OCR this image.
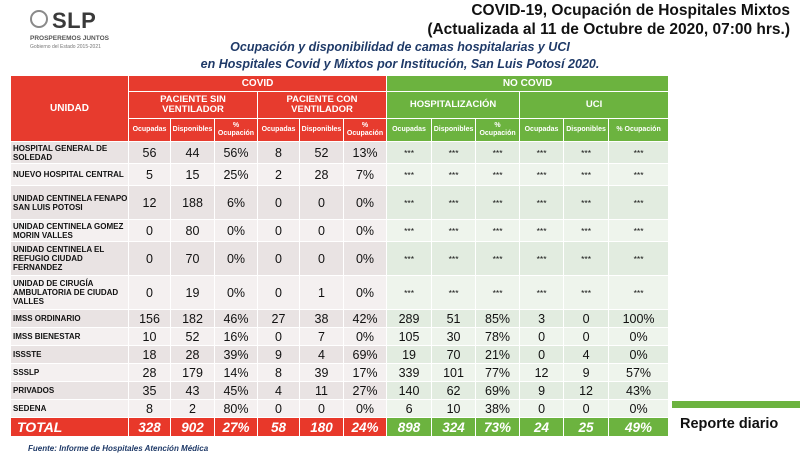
SLP
PROSPEREMOS JUNTOS
Gobierno del Estado 2015-2021
COVID-19, Ocupación de Hospitales Mixtos
(Actualizada al 11 de Octubre de 2020, 07:00 hrs.)
Ocupación y disponibilidad de camas hospitalarias y UCI
en Hospitales Covid y Mixtos por Institución, San Luis Potosí 2020.
UNIDAD	COVID						NO COVID					
	PACIENTE SIN VENTILADOR			PACIENTE CON VENTILADOR			HOSPITALIZACIÓN			UCI		
	Ocupadas	Disponibles	% Ocupación	Ocupadas	Disponibles	% Ocupación	Ocupadas	Disponibles	% Ocupación	Ocupadas	Disponibles	% Ocupación
HOSPITAL GENERAL DE SOLEDAD	56	44	56%	8	52	13%	***	***	***	***	***	***
NUEVO HOSPITAL CENTRAL	5	15	25%	2	28	7%	***	***	***	***	***	***
UNIDAD CENTINELA FENAPO SAN LUIS POTOSI	12	188	6%	0	0	0%	***	***	***	***	***	***
UNIDAD CENTINELA GOMEZ MORIN VALLES	0	80	0%	0	0	0%	***	***	***	***	***	***
UNIDAD CENTINELA EL REFUGIO CIUDAD FERNANDEZ	0	70	0%	0	0	0%	***	***	***	***	***	***
UNIDAD DE CIRUGÍA AMBULATORIA DE CIUDAD VALLES	0	19	0%	0	1	0%	***	***	***	***	***	***
IMSS ORDINARIO	156	182	46%	27	38	42%	289	51	85%	3	0	100%
IMSS BIENESTAR	10	52	16%	0	7	0%	105	30	78%	0	0	0%
ISSSTE	18	28	39%	9	4	69%	19	70	21%	0	4	0%
SSSLP	28	179	14%	8	39	17%	339	101	77%	12	9	57%
PRIVADOS	35	43	45%	4	11	27%	140	62	69%	9	12	43%
SEDENA	8	2	80%	0	0	0%	6	10	38%	0	0	0%
TOTAL	328	902	27%	58	180	24%	898	324	73%	24	25	49% Reporte diario
Fuente: Informe de Hospitales Atención Médica
